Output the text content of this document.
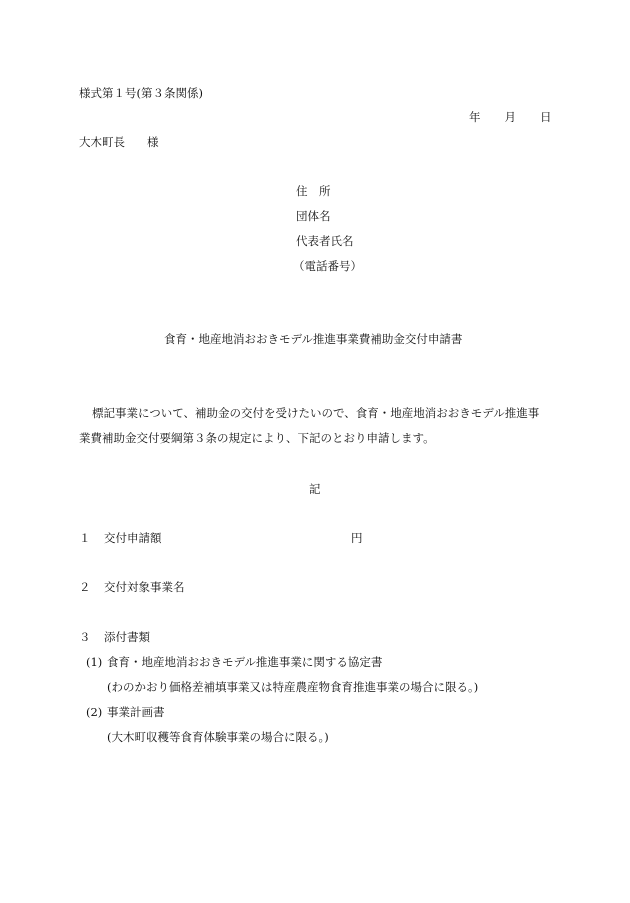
様式第１号(第３条関係)
年 月 日
大木町長 様
住　所
団体名
代表者氏名
（電話番号）
食育・地産地消おおきモデル推進事業費補助金交付申請書
標記事業について、補助金の交付を受けたいので、食育・地産地消おおきモデル推進事
業費補助金交付要綱第３条の規定により、下記のとおり申請します。
記
１ 交付申請額	円
２ 交付対象事業名
３ 添付書類
(1) 食育・地産地消おおきモデル推進事業に関する協定書
(わのかおり価格差補填事業又は特産農産物食育推進事業の場合に限る。)
(2) 事業計画書
(大木町収穫等食育体験事業の場合に限る。)
